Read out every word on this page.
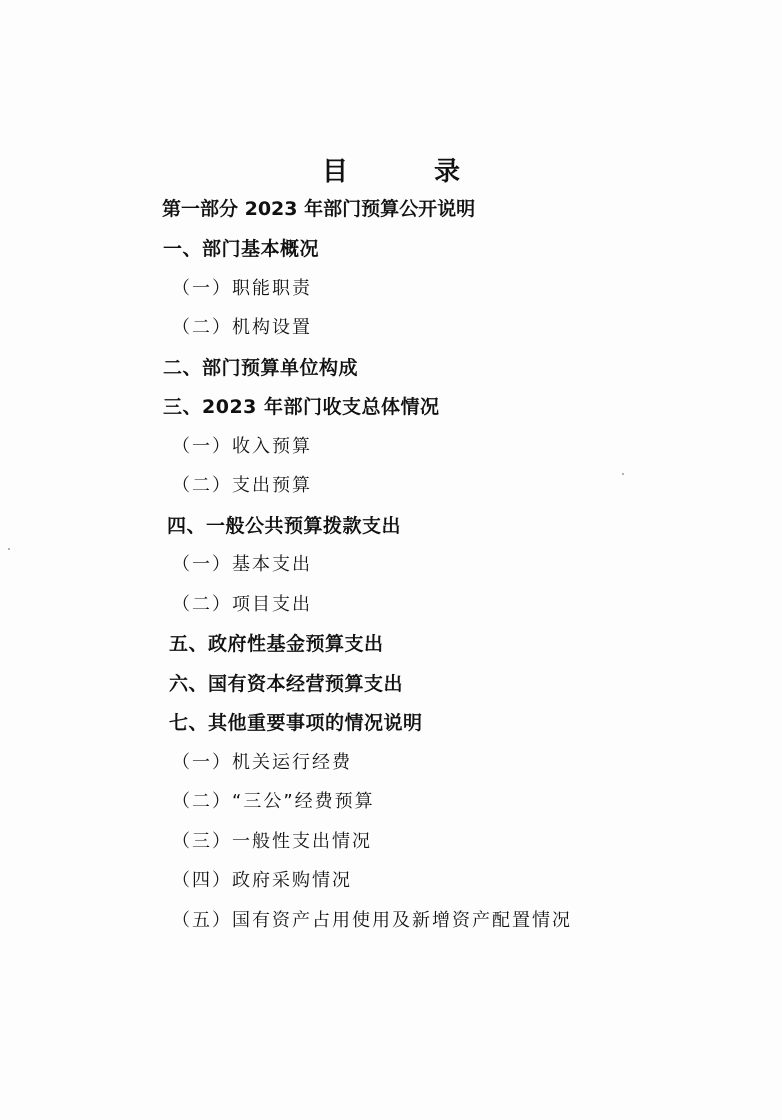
目　录
第一部分 2023 年部门预算公开说明
一、部门基本概况
（一）职能职责
（二）机构设置
二、部门预算单位构成
三、2023 年部门收支总体情况
（一）收入预算
（二）支出预算
四、一般公共预算拨款支出
（一）基本支出
（二）项目支出
五、政府性基金预算支出
六、国有资本经营预算支出
七、其他重要事项的情况说明
（一）机关运行经费
（二）“三公”经费预算
（三）一般性支出情况
（四）政府采购情况
（五）国有资产占用使用及新增资产配置情况
